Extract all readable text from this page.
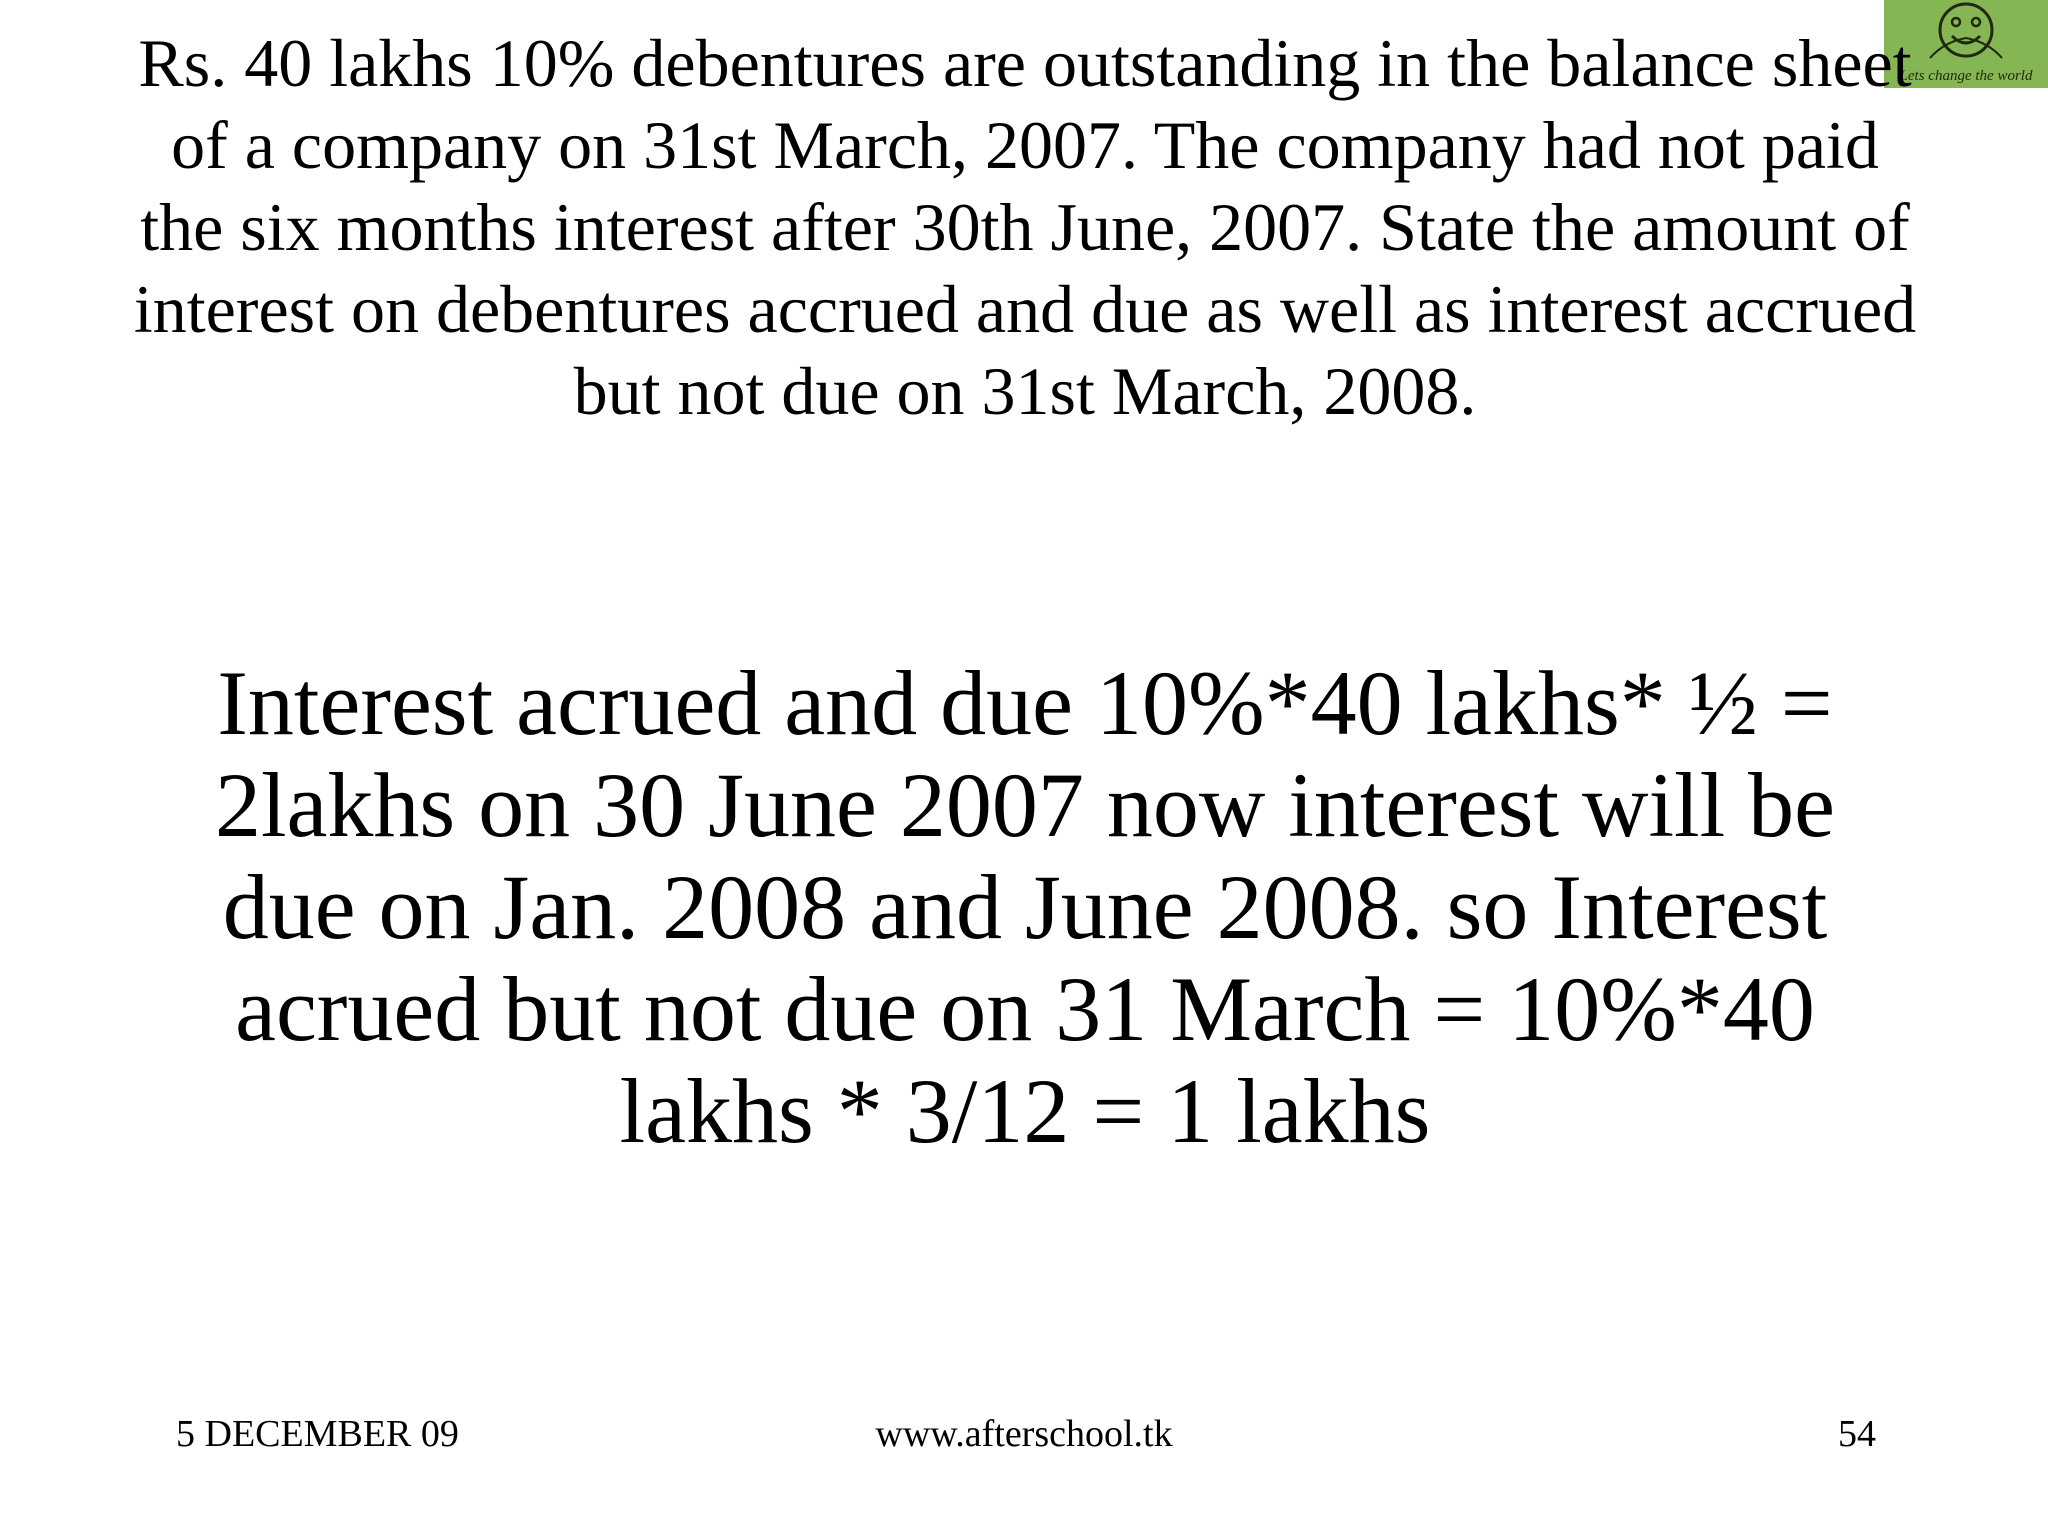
Lets change the world

Rs. 40 lakhs 10% debentures are outstanding in the balance sheet of a company on 31st March, 2007. The company had not paid the six months interest after 30th June, 2007. State the amount of interest on debentures accrued and due as well as interest accrued but not due on 31st March, 2008.

Interest acrued and due 10%*40 lakhs* ½ = 2lakhs on 30 June 2007 now interest will be due on Jan. 2008 and June 2008. so Interest acrued but not due on 31 March = 10%*40 lakhs * 3/12 = 1 lakhs

5 DECEMBER 09	www.afterschool.tk	54
